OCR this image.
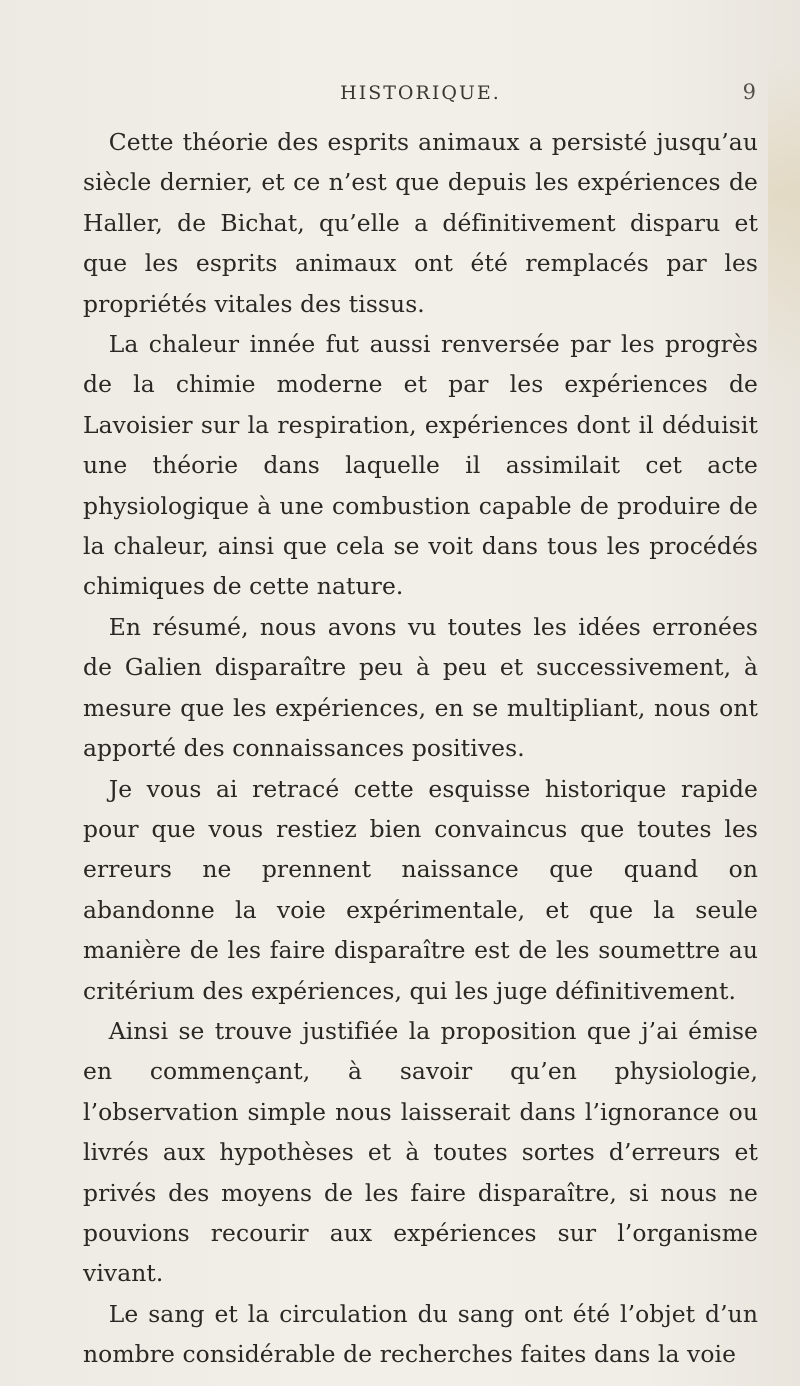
HISTORIQUE.	9

Cette théorie des esprits animaux a persisté jusqu’au siècle dernier, et ce n’est que depuis les expériences de Haller, de Bichat, qu’elle a définitivement disparu et que les esprits animaux ont été remplacés par les propriétés vitales des tissus.

La chaleur innée fut aussi renversée par les progrès de la chimie moderne et par les expériences de Lavoisier sur la respiration, expériences dont il déduisit une théorie dans laquelle il assimilait cet acte physiologique à une combustion capable de produire de la chaleur, ainsi que cela se voit dans tous les procédés chimiques de cette nature.

En résumé, nous avons vu toutes les idées erronées de Galien disparaître peu à peu et successivement, à mesure que les expériences, en se multipliant, nous ont apporté des connaissances positives.

Je vous ai retracé cette esquisse historique rapide pour que vous restiez bien convaincus que toutes les erreurs ne prennent naissance que quand on abandonne la voie expérimentale, et que la seule manière de les faire disparaître est de les soumettre au critérium des expériences, qui les juge définitivement.

Ainsi se trouve justifiée la proposition que j’ai émise en commençant, à savoir qu’en physiologie, l’observation simple nous laisserait dans l’ignorance ou livrés aux hypothèses et à toutes sortes d’erreurs et privés des moyens de les faire disparaître, si nous ne pouvions recourir aux expériences sur l’organisme vivant.

Le sang et la circulation du sang ont été l’objet d’un nombre considérable de recherches faites dans la voie
